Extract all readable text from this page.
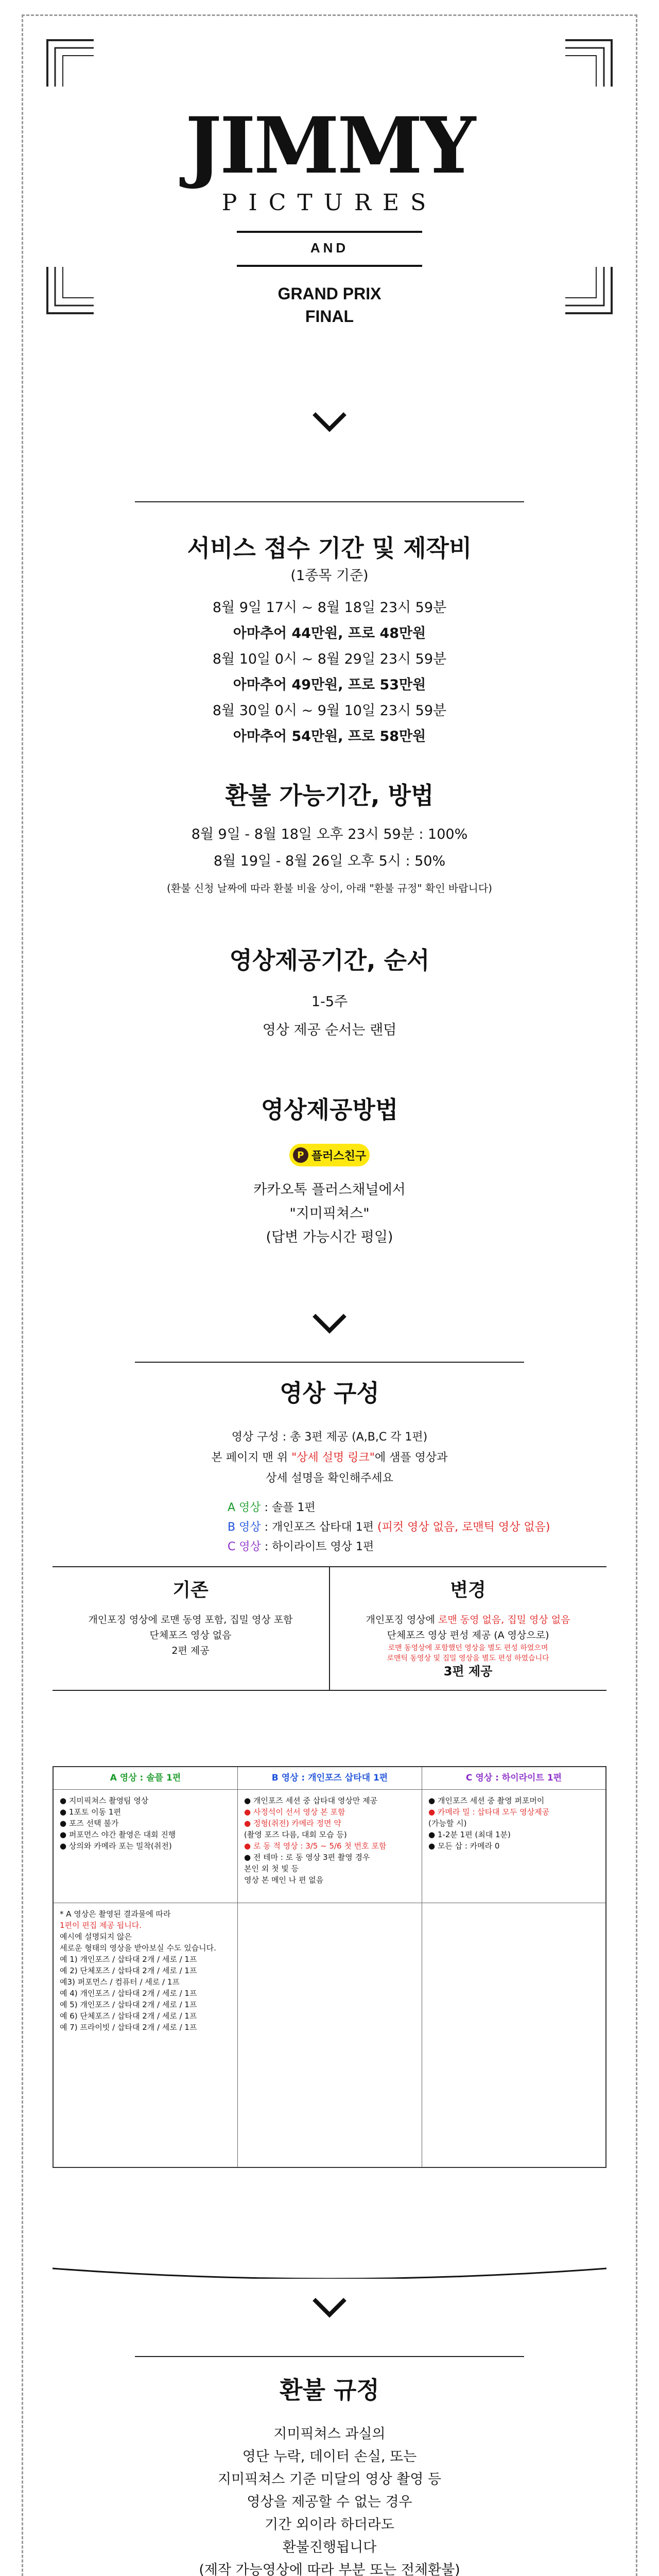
JIMMY
PICTURES
AND
GRAND PRIX
FINAL
서비스 접수 기간 및 제작비
(1종목 기준)
8월 9일 17시 ~ 8월 18일 23시 59분
아마추어 44만원, 프로 48만원
8월 10일 0시 ~ 8월 29일 23시 59분
아마추어 49만원, 프로 53만원
8월 30일 0시 ~ 9월 10일 23시 59분
아마추어 54만원, 프로 58만원
환불 가능기간, 방법
8월 9일 - 8월 18일 오후 23시 59분 : 100%
8월 19일 - 8월 26일 오후 5시 : 50%
(환불 신청 날짜에 따라 환불 비율 상이, 아래 "환불 규정" 확인 바랍니다)
영상제공기간, 순서
1-5주
영상 제공 순서는 랜덤
영상제공방법
P 플러스친구
카카오톡 플러스채널에서
"지미픽쳐스"
(답변 가능시간 평일)
영상 구성
영상 구성 : 총 3편 제공 (A,B,C 각 1편)
본 페이지 맨 위 "상세 설명 링크"에 샘플 영상과
상세 설명을 확인해주세요
A 영상 : 솔플 1편
B 영상 : 개인포즈 삽타대 1편 (피컷 영상 없음, 로맨틱 영상 없음)
C 영상 : 하이라이트 영상 1편
기존
개인포징 영상에 로맨 동영 포함, 집밀 영상 포함
단체포즈 영상 없음
2편 제공
변경
개인포징 영상에 로맨 동영 없음, 집밀 영상 없음
단체포즈 영상 편성 제공 (A 영상으로)
로맨 동영상에 포함했던 영상을 별도 편성 하였으며
로맨틱 동영상 및 집밀 영상을 별도 편성 하였습니다
3편 제공
A 영상 : 솔플 1편	B 영상 : 개인포즈 삽타대 1편	C 영상 : 하이라이트 1편
● 지미픽쳐스 촬영팀 영상
● 1포토 이동 1편
● 포즈 선택 불가
● 퍼포먼스 야간 촬영은 대회 진행
● 상의와 카메라 포는 밀착(취전)
● 개인포즈 세션 중 삽타대 영상만 제공
● 사정석이 선서 영상 본 포함
● 정형(취전) 카메라 정면 약
(촬영 포즈 다름, 대회 모습 등)
● 로 동 적 영상 : 3/5 ~ 5/6 첫 번호 포함
● 전 테마 : 로 동 영상 3편 촬영 경우
본인 외 첫 빛 등
영상 본 메인 나 편 없음
● 개인포즈 세션 중 촬영 퍼포머이
● 카메라 밀 : 삽타대 모두 영상제공
(가능할 시)
● 1-2분 1편 (최대 1분)
● 모든 삽 : 카메라 0
* A 영상은 촬영된 결과물에 따라
1편이 편집 제공 됩니다.
예시에 설명되지 않은
세로운 형태의 영상을 받아보실 수도 있습니다.
예 1) 개인포즈 / 삽타대 2개 / 세로 / 1프
예 2) 단체포즈 / 삽타대 2개 / 세로 / 1프
예3) 퍼포먼스 / 컴퓨터 / 세로 / 1프
예 4) 개인포즈 / 삽타대 2개 / 세로 / 1프
예 5) 개인포즈 / 삽타대 2개 / 세로 / 1프
예 6) 단체포즈 / 삽타대 2개 / 세로 / 1프
예 7) 프라이빗 / 삽타대 2개 / 세로 / 1프
환불 규정
지미픽쳐스 과실의
영단 누락, 데이터 손실, 또는
지미픽쳐스 기준 미달의 영상 촬영 등
영상을 제공할 수 없는 경우
기간 외이라 하더라도
환불진행됩니다
(제작 가능영상에 따라 부분 또는 전체환불)
